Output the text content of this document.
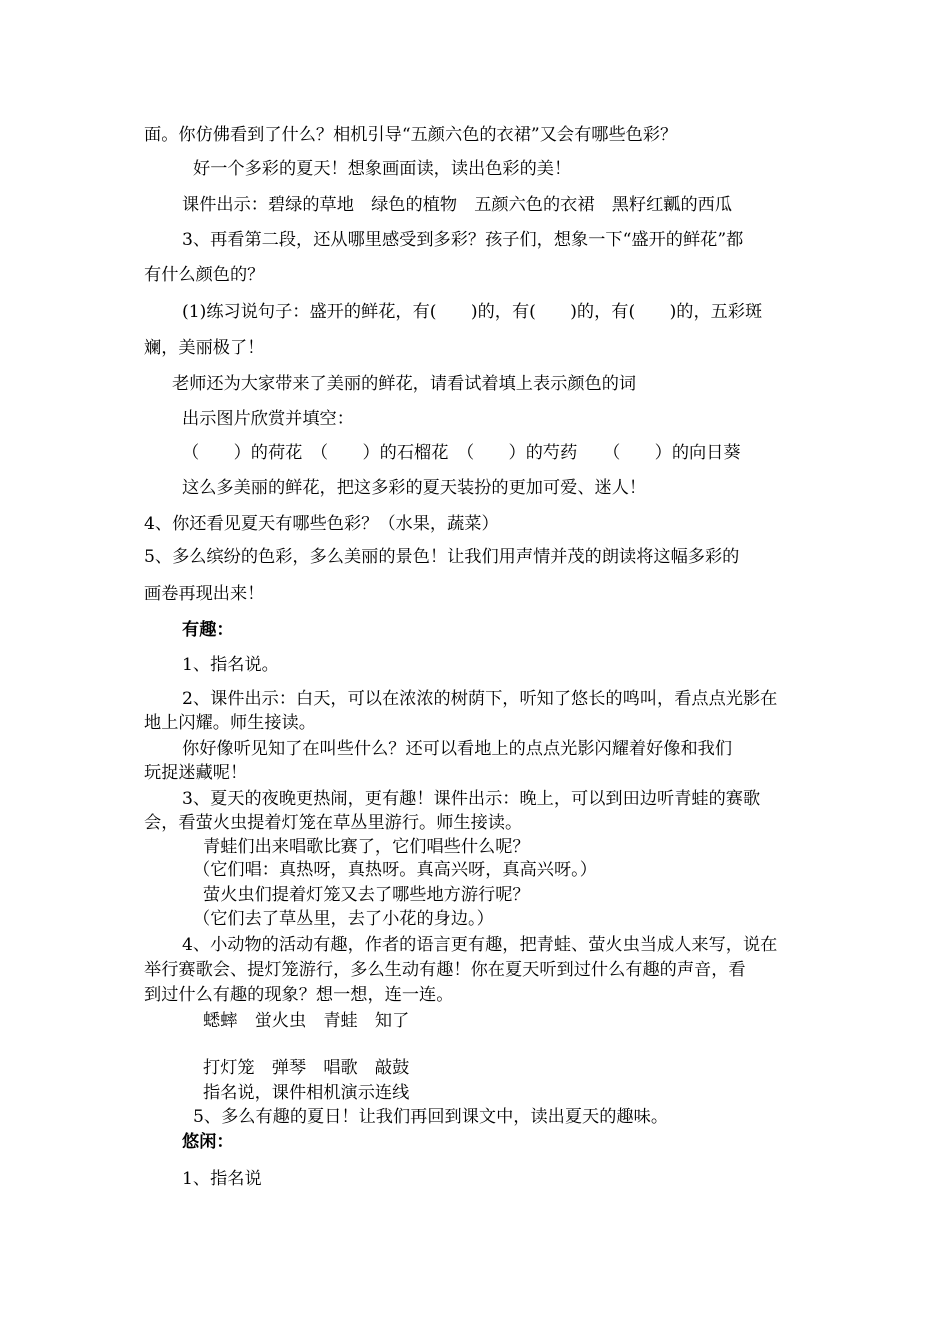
面。你仿佛看到了什么？相机引导“五颜六色的衣裙”又会有哪些色彩？
好一个多彩的夏天！想象画面读，读出色彩的美！
课件出示：碧绿的草地　绿色的植物　五颜六色的衣裙　黑籽红瓤的西瓜
3、再看第二段，还从哪里感受到多彩？孩子们，想象一下“盛开的鲜花”都
有什么颜色的？
(1)练习说句子：盛开的鲜花，有(　　)的，有(　　)的，有(　　)的，五彩斑
斓，美丽极了！
老师还为大家带来了美丽的鲜花，请看试着填上表示颜色的词
出示图片欣赏并填空：
（　　）的荷花　（　　）的石榴花　（　　）的芍药　　（　　）的向日葵
这么多美丽的鲜花，把这多彩的夏天装扮的更加可爱、迷人！
4、你还看见夏天有哪些色彩？（水果，蔬菜）
5、多么缤纷的色彩，多么美丽的景色！让我们用声情并茂的朗读将这幅多彩的
画卷再现出来！
有趣：
1、指名说。
2、课件出示：白天，可以在浓浓的树荫下，听知了悠长的鸣叫，看点点光影在
地上闪耀。师生接读。
你好像听见知了在叫些什么？还可以看地上的点点光影闪耀着好像和我们
玩捉迷藏呢！
3、夏天的夜晚更热闹，更有趣！课件出示：晚上，可以到田边听青蛙的赛歌
会，看萤火虫提着灯笼在草丛里游行。师生接读。
青蛙们出来唱歌比赛了，它们唱些什么呢？
（它们唱：真热呀，真热呀。真高兴呀，真高兴呀。）
萤火虫们提着灯笼又去了哪些地方游行呢？
（它们去了草丛里，去了小花的身边。）
4、小动物的活动有趣，作者的语言更有趣，把青蛙、萤火虫当成人来写，说在
举行赛歌会、提灯笼游行，多么生动有趣！你在夏天听到过什么有趣的声音，看
到过什么有趣的现象？想一想，连一连。
蟋蟀　蛍火虫　青蛙　知了
打灯笼　弹琴　唱歌　敲鼓
指名说，课件相机演示连线
5、多么有趣的夏日！让我们再回到课文中，读出夏天的趣味。
悠闲：
1、指名说
